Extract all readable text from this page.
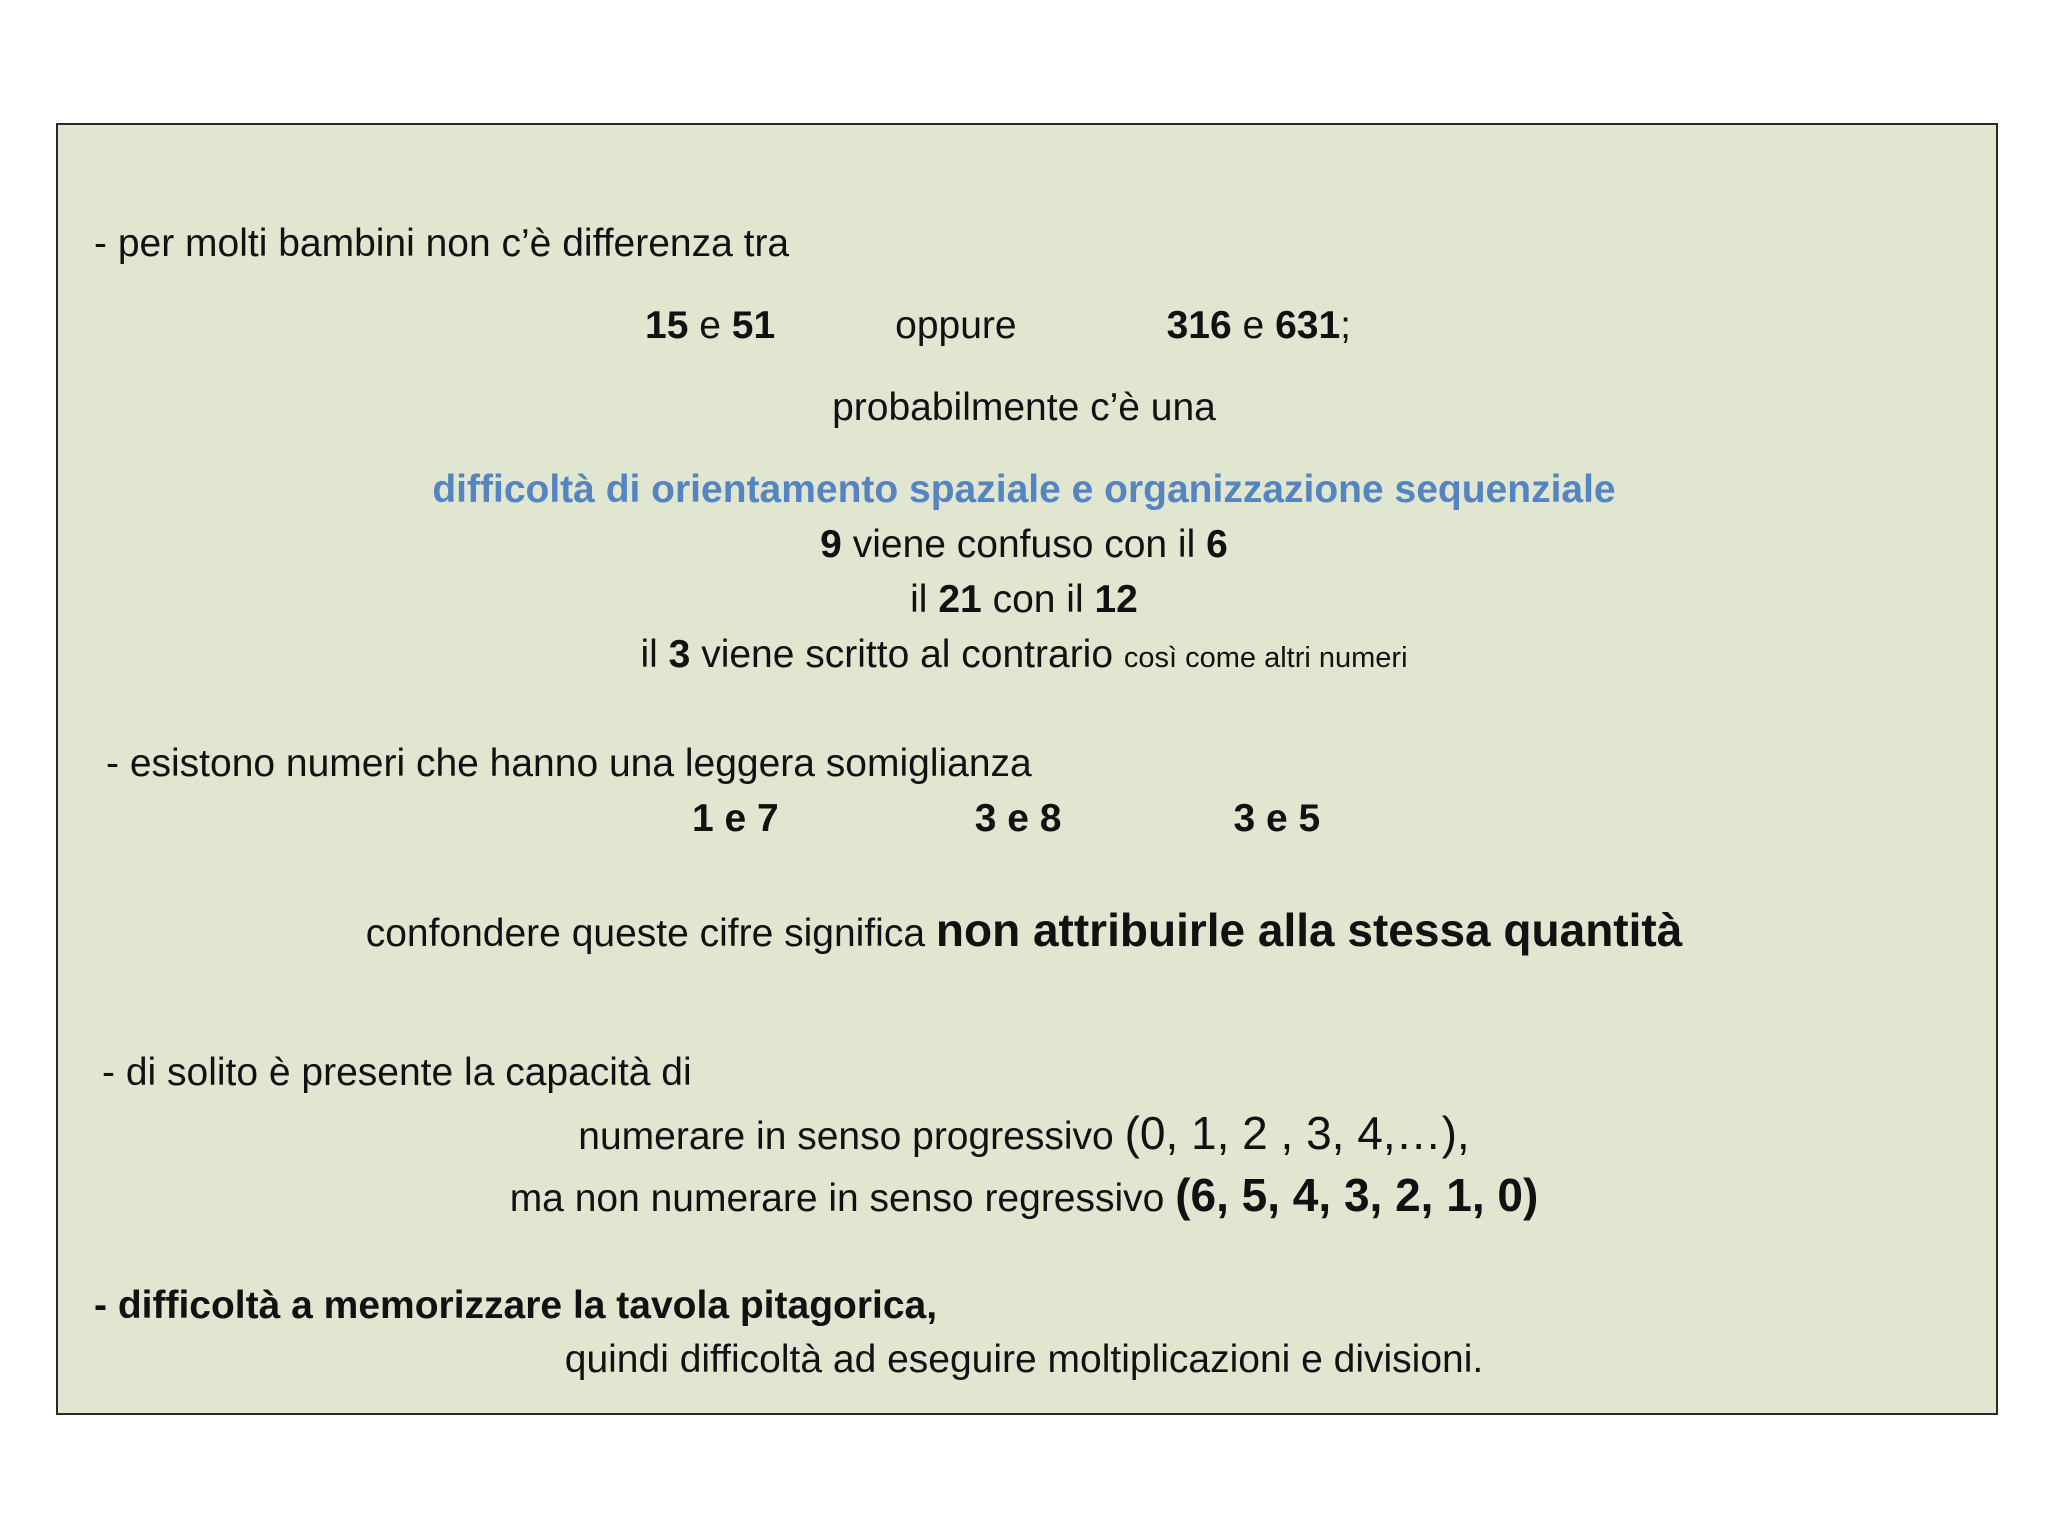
- per molti bambini non c’è differenza tra
15 e 51	oppure	316 e 631;
probabilmente c’è una
difficoltà di orientamento spaziale e organizzazione sequenziale
9 viene confuso con il 6
il 21 con il 12
il 3 viene scritto al contrario così come altri numeri
- esistono numeri che hanno una leggera somiglianza
1 e 7	3 e 8	3 e 5
confondere queste cifre significa non attribuirle alla stessa quantità
- di solito è presente la capacità di
numerare in senso progressivo (0, 1, 2 , 3, 4,…),
ma non numerare in senso regressivo (6, 5, 4, 3, 2, 1, 0)
- difficoltà a memorizzare la tavola pitagorica,
quindi difficoltà ad eseguire moltiplicazioni e divisioni.
